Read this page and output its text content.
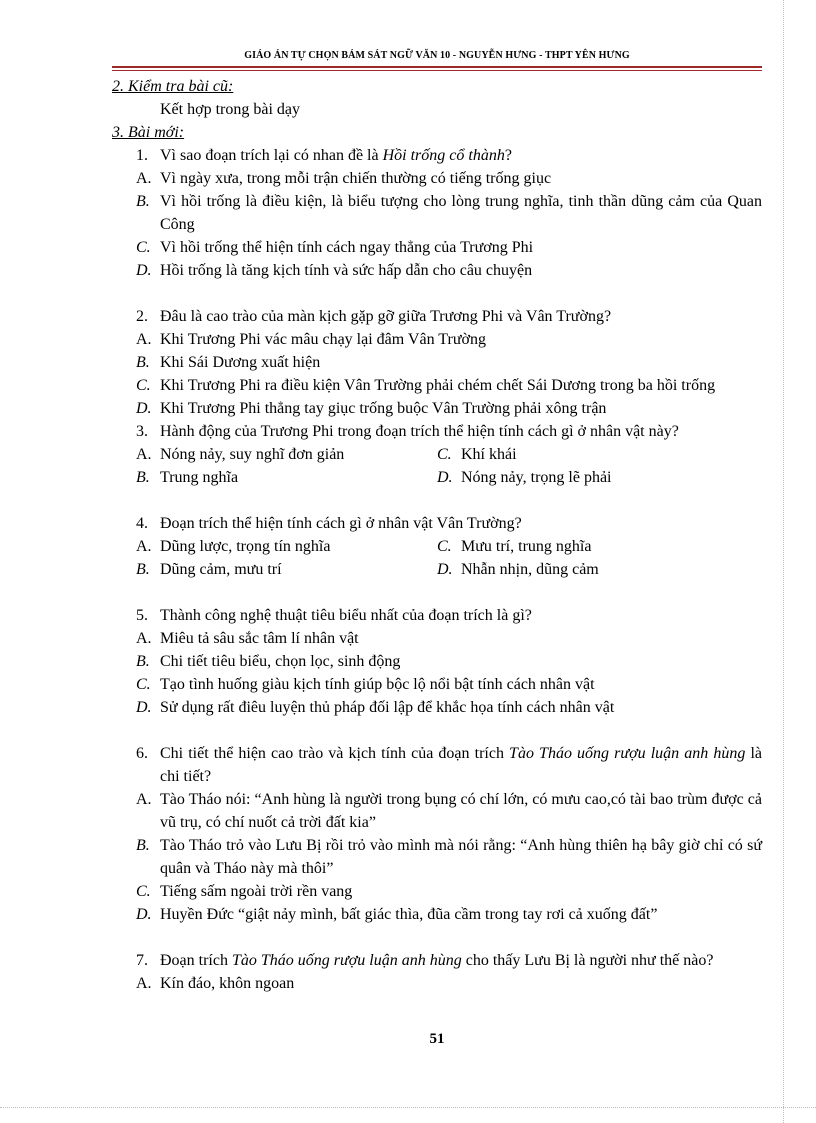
GIÁO ÁN TỰ CHỌN BÁM SÁT NGỮ VĂN 10 - NGUYỄN HƯNG - THPT YÊN HƯNG
2. Kiểm tra bài cũ:
Kết hợp trong bài dạy
3. Bài mới:
1. Vì sao đoạn trích lại có nhan đề là Hồi trống cổ thành?
A. Vì ngày xưa, trong mỗi trận chiến thường có tiếng trống giục
B. Vì hồi trống là điều kiện, là biểu tượng cho lòng trung nghĩa, tinh thần dũng cảm của Quan Công
C. Vì hồi trống thể hiện tính cách ngay thẳng của Trương Phi
D. Hồi trống là tăng kịch tính và sức hấp dẫn cho câu chuyện
2. Đâu là cao trào của màn kịch gặp gỡ giữa Trương Phi và Vân Trường?
A. Khi Trương Phi vác mâu chạy lại đâm Vân Trường
B. Khi Sái Dương xuất hiện
C. Khi Trương Phi ra điều kiện Vân Trường phải chém chết Sái Dương trong ba hồi trống
D. Khi Trương Phi thẳng tay giục trống buộc Vân Trường phải xông trận
3. Hành động của Trương Phi trong đoạn trích thể hiện tính cách gì ở nhân vật này?
A. Nóng nảy, suy nghĩ đơn giản	C. Khí khái
B. Trung nghĩa	D. Nóng nảy, trọng lẽ phải
4. Đoạn trích thể hiện tính cách gì ở nhân vật Vân Trường?
A. Dũng lược, trọng tín nghĩa	C. Mưu trí, trung nghĩa
B. Dũng cảm, mưu trí	D. Nhẫn nhịn, dũng cảm
5. Thành công nghệ thuật tiêu biểu nhất của đoạn trích là gì?
A. Miêu tả sâu sắc tâm lí nhân vật
B. Chi tiết tiêu biểu, chọn lọc, sinh động
C. Tạo tình huống giàu kịch tính giúp bộc lộ nổi bật tính cách nhân vật
D. Sử dụng rất điêu luyện thủ pháp đối lập để khắc họa tính cách nhân vật
6. Chi tiết thể hiện cao trào và kịch tính của đoạn trích Tào Tháo uống rượu luận anh hùng là chi tiết?
A. Tào Tháo nói: “Anh hùng là người trong bụng có chí lớn, có mưu cao,có tài bao trùm được cả vũ trụ, có chí nuốt cả trời đất kia”
B. Tào Tháo trỏ vào Lưu Bị rồi trỏ vào mình mà nói rằng: “Anh hùng thiên hạ bây giờ chỉ có sứ quân và Tháo này mà thôi”
C. Tiếng sấm ngoài trời rền vang
D. Huyền Đức “giật nảy mình, bất giác thìa, đũa cầm trong tay rơi cả xuống đất”
7. Đoạn trích Tào Tháo uống rượu luận anh hùng cho thấy Lưu Bị là người như thế nào?
A. Kín đáo, khôn ngoan
51
